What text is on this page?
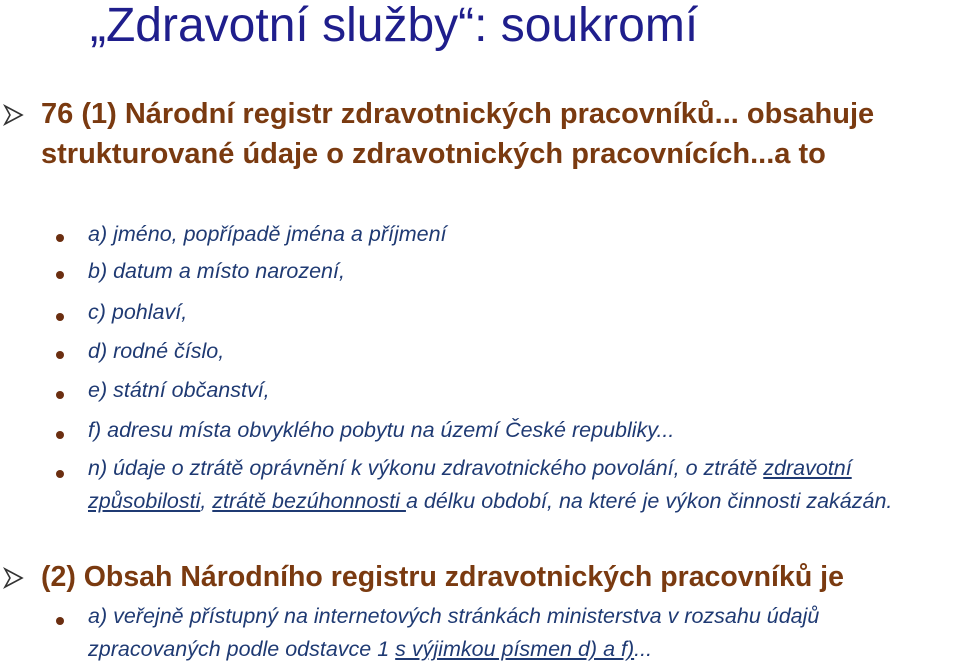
„Zdravotní služby“: soukromí
76 (1) Národní registr zdravotnických pracovníků... obsahuje strukturované údaje o zdravotnických pracovnících...a to
a) jméno, popřípadě jména a příjmení
b) datum a místo narození,
c) pohlaví,
d) rodné číslo,
e) státní občanství,
f) adresu místa obvyklého pobytu na území České republiky...
n) údaje o ztrátě oprávnění k výkonu zdravotnického povolání, o ztrátě zdravotní způsobilosti, ztrátě bezúhonnosti a délku období, na které je výkon činnosti zakázán.
(2) Obsah Národního registru zdravotnických pracovníků je
a) veřejně přístupný na internetových stránkách ministerstva v rozsahu údajů zpracovaných podle odstavce 1 s výjimkou písmen d) a f)...
